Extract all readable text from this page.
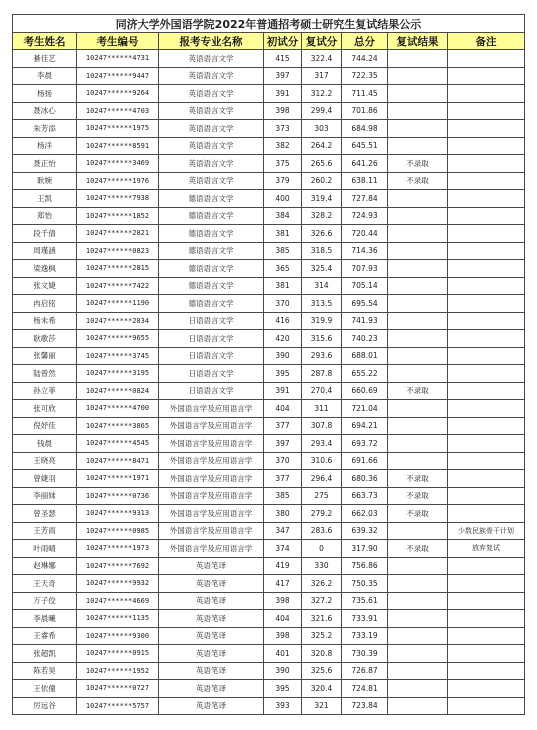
同济大学外国语学院2022年普通招考硕士研究生复试结果公示							
考生姓名	考生编号	报考专业名称	初试分	复试分	总分	复试结果	备注
綦佳艺	10247******4731	英语语言文学	415	322.4	744.24		
李晨	10247******9447	英语语言文学	397	317	722.35		
杨扬	10247******9264	英语语言文学	391	312.2	711.45		
聂冰心	10247******4703	英语语言文学	398	299.4	701.86		
朱芳添	10247******1975	英语语言文学	373	303	684.98		
杨洋	10247******8591	英语语言文学	382	264.2	645.51		
聂正怡	10247******3469	英语语言文学	375	265.6	641.26	不录取	
耿婉	10247******1976	英语语言文学	379	260.2	638.11	不录取	
王凯	10247******7938	德语语言文学	400	319.4	727.84		
郑怡	10247******1852	德语语言文学	384	328.2	724.93		
段千倩	10247******2821	德语语言文学	381	326.6	720.44		
周瑾涵	10247******0823	德语语言文学	385	318.5	714.36		
梁逸枫	10247******2815	德语语言文学	365	325.4	707.93		
张文婕	10247******7422	德语语言文学	381	314	705.14		
冉启铭	10247******1190	德语语言文学	370	313.5	695.54		
杨未希	10247******2834	日语语言文学	416	319.9	741.93		
耿歌莎	10247******9655	日语语言文学	420	315.6	740.23		
张馨丽	10247******3745	日语语言文学	390	293.6	688.01		
陆曾然	10247******3195	日语语言文学	395	287.8	655.22		
孙立菲	10247******0824	日语语言文学	391	270.4	660.69	不录取	
张可欣	10247******4700	外国语言学及应用语言学	404	311	721.04		
倪妤佳	10247******3865	外国语言学及应用语言学	377	307.8	694.21		
钱晨	10247******4545	外国语言学及应用语言学	397	293.4	693.72		
王晓亮	10247******8471	外国语言学及应用语言学	370	310.6	691.66		
曾婕羽	10247******1971	外国语言学及应用语言学	377	296.4	680.36	不录取	
李丽妹	10247******0736	外国语言学及应用语言学	385	275	663.73	不录取	
曾圣瑟	10247******9313	外国语言学及应用语言学	380	279.2	662.03	不录取	
王芳雨	10247******0985	外国语言学及应用语言学	347	283.6	639.32		少数民族骨干计划
叶雨晴	10247******1973	外国语言学及应用语言学	374	0	317.90	不录取	放弃复试
赵琳娜	10247******7692	英语笔译	419	330	756.86		
王天奇	10247******9932	英语笔译	417	326.2	750.35		
万子佼	10247******4669	英语笔译	398	327.2	735.61		
李晨曦	10247******1135	英语笔译	404	321.6	733.91		
王睿希	10247******9300	英语笔译	398	325.2	733.19		
张超凯	10247******0915	英语笔译	401	320.8	730.39		
陈若昊	10247******1952	英语笔译	390	325.6	726.87		
王依僮	10247******0727	英语笔译	395	320.4	724.81		
厉远谷	10247******5757	英语笔译	393	321	723.84		
